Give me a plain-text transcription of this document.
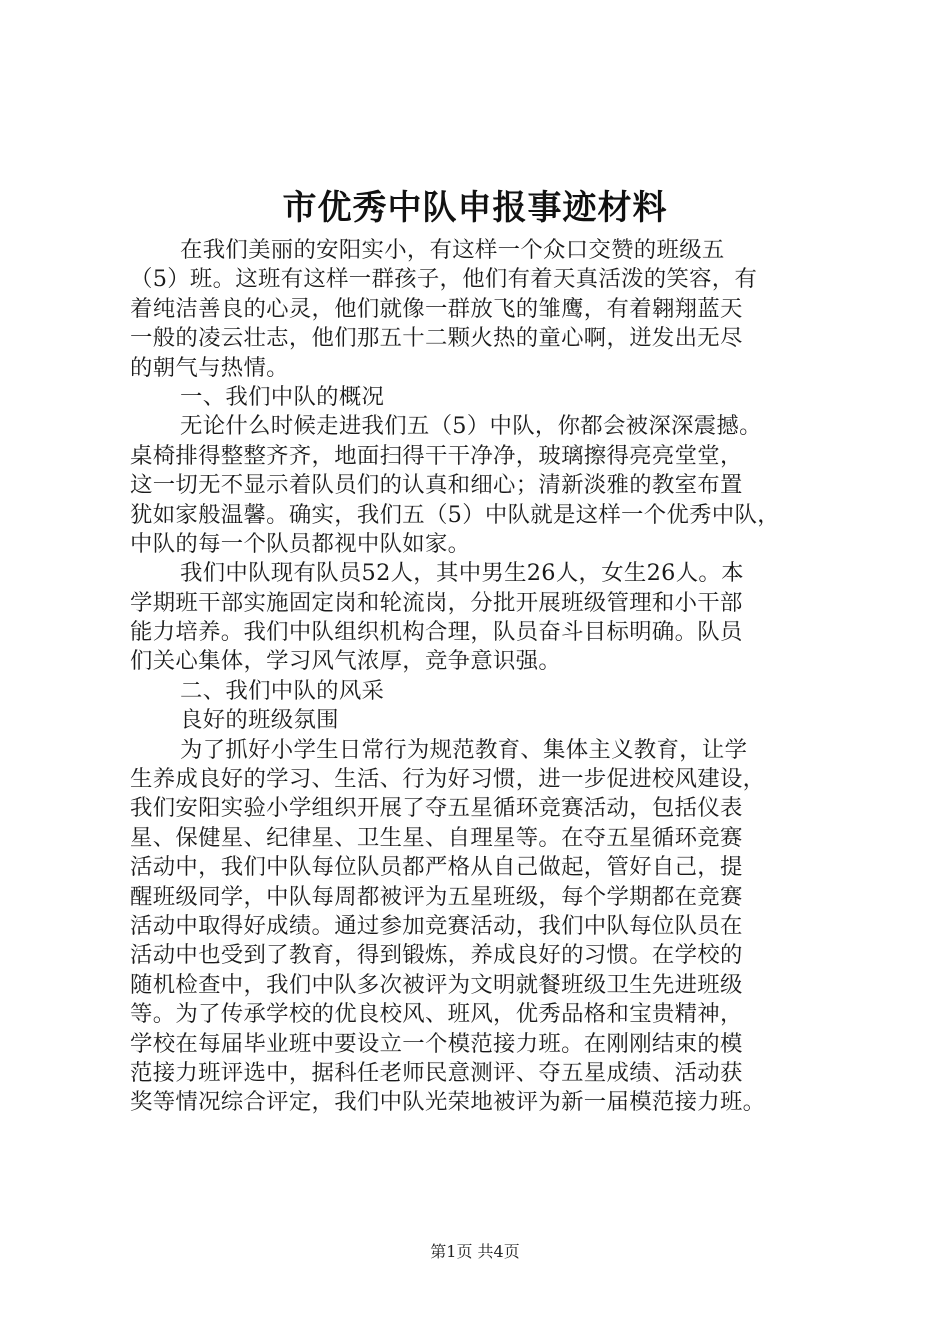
市优秀中队申报事迹材料
在我们美丽的安阳实小，有这样一个众口交赞的班级五
（5）班。这班有这样一群孩子，他们有着天真活泼的笑容，有
着纯洁善良的心灵，他们就像一群放飞的雏鹰，有着翱翔蓝天
一般的凌云壮志，他们那五十二颗火热的童心啊，迸发出无尽
的朝气与热情。
一、我们中队的概况
无论什么时候走进我们五（5）中队，你都会被深深震撼。
桌椅排得整整齐齐，地面扫得干干净净，玻璃擦得亮亮堂堂，
这一切无不显示着队员们的认真和细心；清新淡雅的教室布置
犹如家般温馨。确实，我们五（5）中队就是这样一个优秀中队，
中队的每一个队员都视中队如家。
我们中队现有队员52人，其中男生26人，女生26人。本
学期班干部实施固定岗和轮流岗，分批开展班级管理和小干部
能力培养。我们中队组织机构合理，队员奋斗目标明确。队员
们关心集体，学习风气浓厚，竞争意识强。
二、我们中队的风采
良好的班级氛围
为了抓好小学生日常行为规范教育、集体主义教育，让学
生养成良好的学习、生活、行为好习惯，进一步促进校风建设，
我们安阳实验小学组织开展了夺五星循环竞赛活动，包括仪表
星、保健星、纪律星、卫生星、自理星等。在夺五星循环竞赛
活动中，我们中队每位队员都严格从自己做起，管好自己，提
醒班级同学，中队每周都被评为五星班级，每个学期都在竞赛
活动中取得好成绩。通过参加竞赛活动，我们中队每位队员在
活动中也受到了教育，得到锻炼，养成良好的习惯。在学校的
随机检查中，我们中队多次被评为文明就餐班级卫生先进班级
等。为了传承学校的优良校风、班风，优秀品格和宝贵精神，
学校在每届毕业班中要设立一个模范接力班。在刚刚结束的模
范接力班评选中，据科任老师民意测评、夺五星成绩、活动获
奖等情况综合评定，我们中队光荣地被评为新一届模范接力班。
第1页 共4页
